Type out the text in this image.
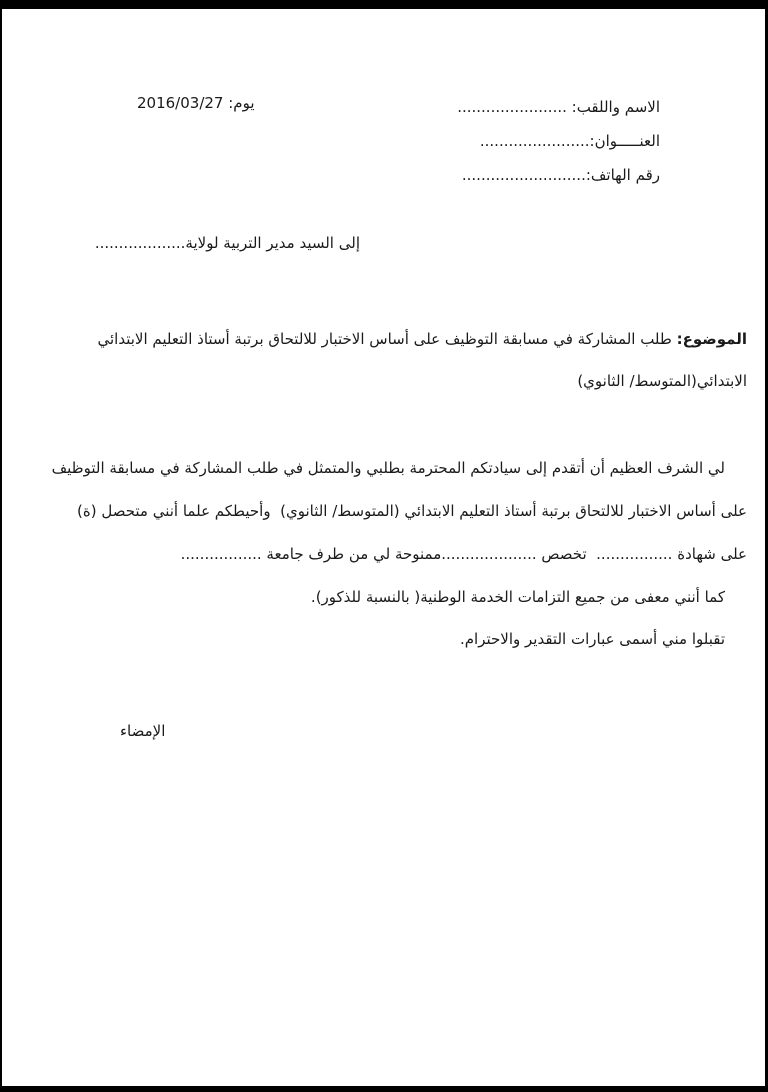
يوم: 2016/03/27	الاسم واللقب: .......................
العنـــــوان:.......................
رقم الهاتف:..........................
إلى السيد مدير التربية لولاية...................
الموضوع: طلب المشاركة في مسابقة التوظيف على أساس الاختبار للالتحاق برتبة أستاذ التعليم الابتدائي
الابتدائي(المتوسط/ الثانوي)
لي الشرف العظيم أن أتقدم إلى سيادتكم المحترمة بطلبي والمتمثل في طلب المشاركة في مسابقة التوظيف
على أساس الاختبار للالتحاق برتبة أستاذ التعليم الابتدائي (المتوسط/ الثانوي)  وأحيطكم علما أنني متحصل (ة)
على شهادة ................  تخصص ....................ممنوحة لي من طرف جامعة .................
كما أنني معفى من جميع التزامات الخدمة الوطنية( بالنسبة للذكور).
تقبلوا مني أسمى عبارات التقدير والاحترام.
الإمضاء
